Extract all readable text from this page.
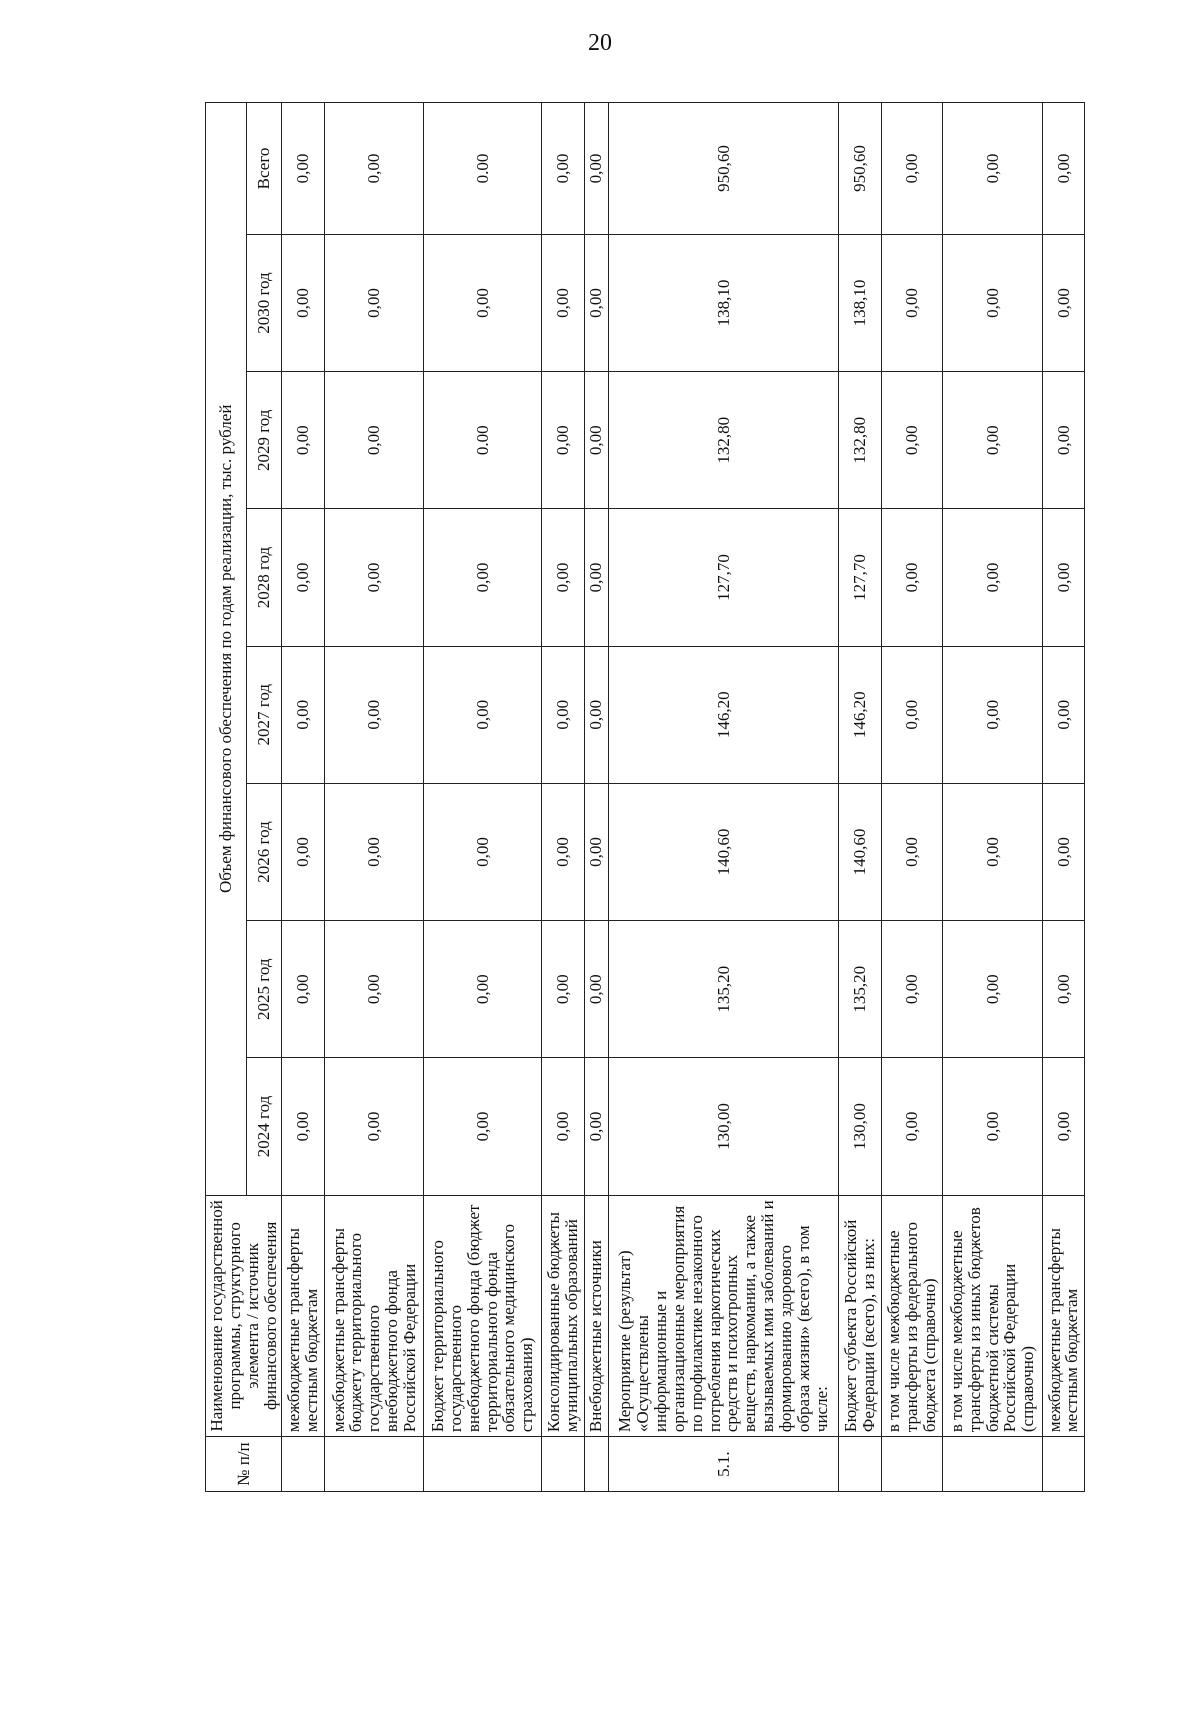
20
№ п/п	Наименование государственной программы, структурного элемента / источник финансового обеспечения	Объем финансового обеспечения по годам реализации, тыс. рублей							
		2024 год	2025 год	2026 год	2027 год	2028 год	2029 год	2030 год	Всего
	межбюджетные трансферты местным бюджетам	0,00	0,00	0,00	0,00	0,00	0,00	0,00	0,00
	межбюджетные трансферты бюджету территориального государственного внебюджетного фонда Российской Федерации	0,00	0,00	0,00	0,00	0,00	0,00	0,00	0,00
	Бюджет территориального государственного внебюджетного фонда (бюджет территориального фонда обязательного медицинского страхования)	0,00	0,00	0,00	0,00	0,00	0.00	0,00	0.00
	Консолидированные бюджеты муниципальных образований	0,00	0,00	0,00	0,00	0,00	0,00	0,00	0,00
	Внебюджетные источники	0,00	0,00	0,00	0,00	0,00	0,00	0,00	0,00
5.1.	Мероприятие (результат) «Осуществлены информационные и организационные мероприятия по профилактике незаконного потребления наркотических средств и психотропных веществ, наркомании, а также вызываемых ими заболеваний и формированию здорового образа жизни» (всего), в том числе:	130,00	135,20	140,60	146,20	127,70	132,80	138,10	950,60
	Бюджет субъекта Российской Федерации (всего), из них:	130,00	135,20	140,60	146,20	127,70	132,80	138,10	950,60
	в том числе межбюджетные трансферты из федерального бюджета (справочно)	0,00	0,00	0,00	0,00	0,00	0,00	0,00	0,00
	в том числе межбюджетные трансферты из иных бюджетов бюджетной системы Российской Федерации (справочно)	0,00	0,00	0,00	0,00	0,00	0,00	0,00	0,00
	межбюджетные трансферты местным бюджетам	0,00	0,00	0,00	0,00	0,00	0,00	0,00	0,00
